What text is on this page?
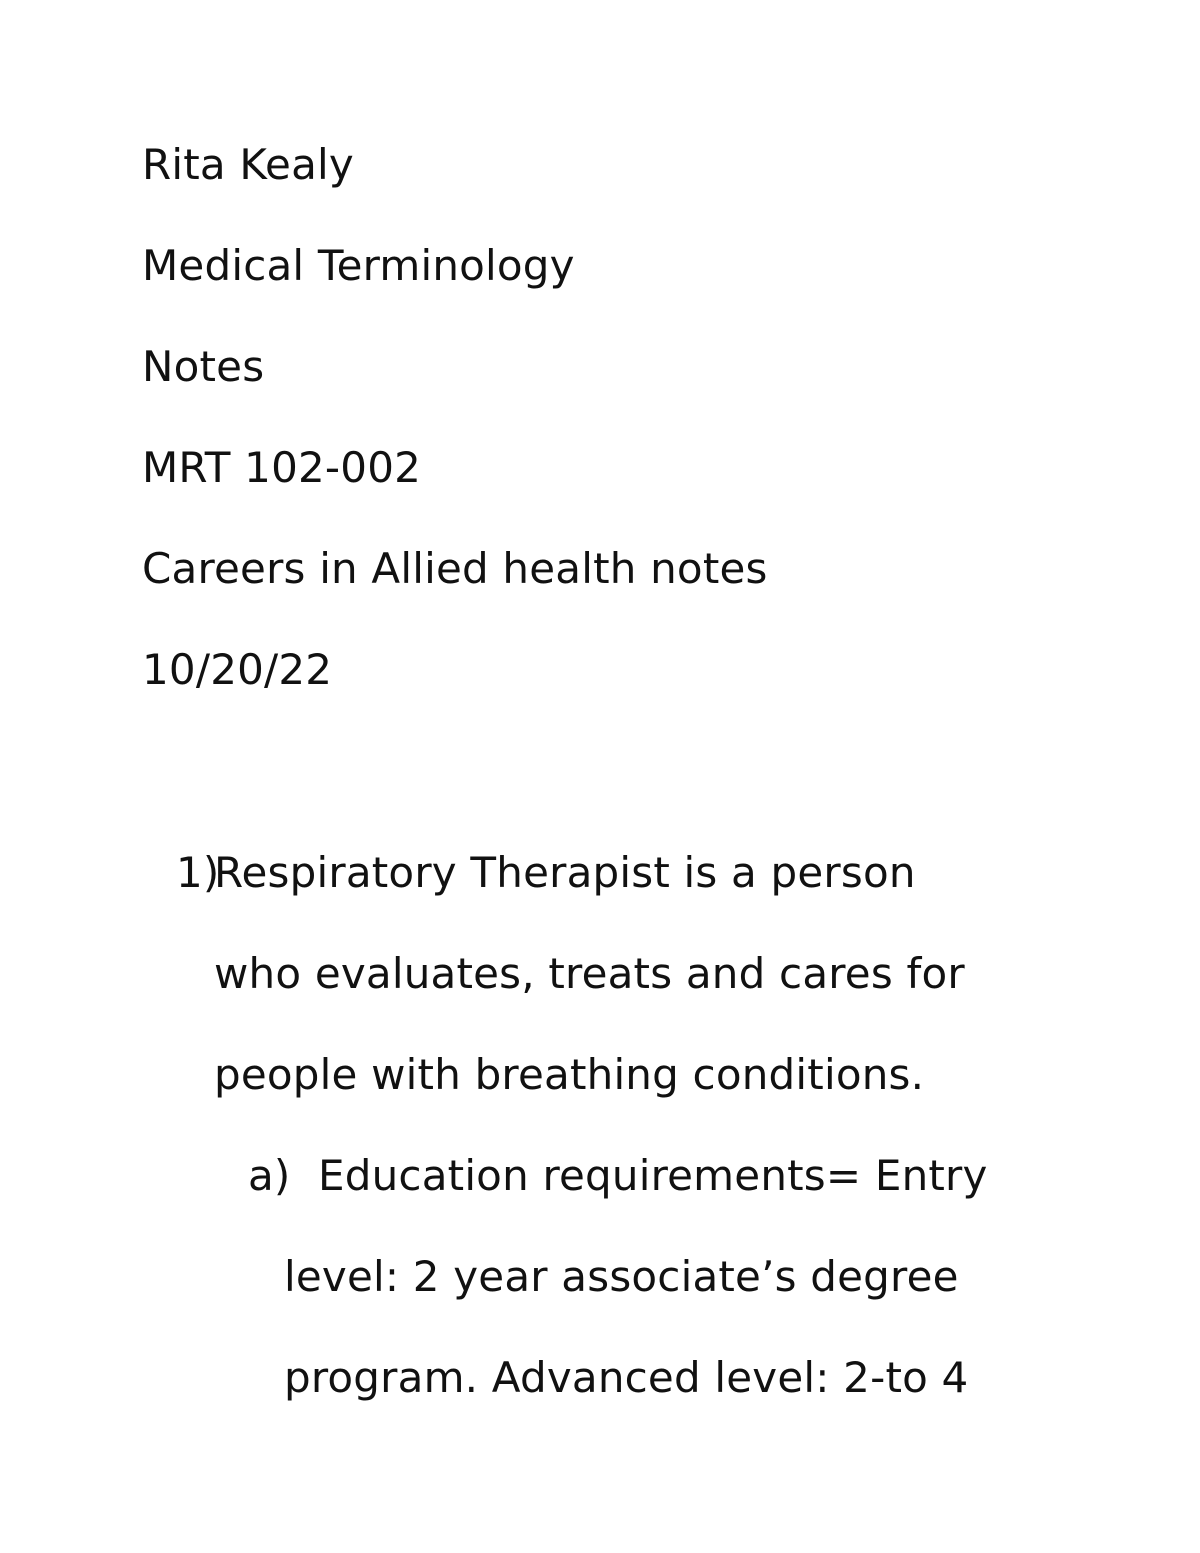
Rita Kealy
Medical Terminology
Notes
MRT 102-002
Careers in Allied health notes
10/20/22
1)
Respiratory Therapist is a person
who evaluates, treats and cares for
people with breathing conditions.
a) Education requirements= Entry
level: 2 year associate’s degree
program. Advanced level: 2-to 4
